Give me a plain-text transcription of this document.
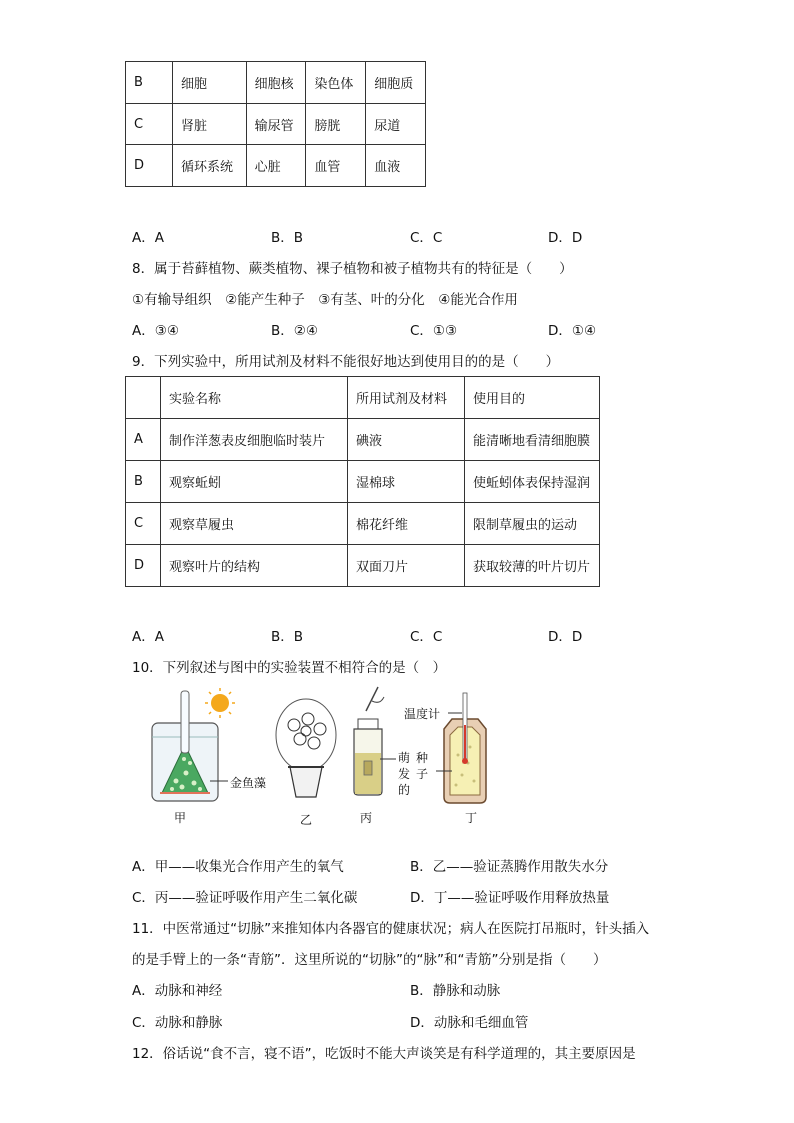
B	细胞	细胞核	染色体	细胞质
C	肾脏	输尿管	膀胱	尿道
D	循环系统	心脏	血管	血液
A．A	B．B	C．C	D．D
8．属于苔藓植物、蕨类植物、裸子植物和被子植物共有的特征是（　　）
①有输导组织　②能产生种子　③有茎、叶的分化　④能光合作用
A．③④	B．②④	C．①③	D．①④
9．下列实验中，所用试剂及材料不能很好地达到使用目的的是（　　）
	实验名称	所用试剂及材料	使用目的
A	制作洋葱表皮细胞临时装片	碘液	能清晰地看清细胞膜
B	观察蚯蚓	湿棉球	使蚯蚓体表保持湿润
C	观察草履虫	棉花纤维	限制草履虫的运动
D	观察叶片的结构	双面刀片	获取较薄的叶片切片
A．A	B．B	C．C	D．D
10．下列叙述与图中的实验装置不相符合的是（　）
金鱼藻
温度计
萌
发
的
种
子
甲	乙	丙	丁
A．甲——收集光合作用产生的氧气	B．乙——验证蒸腾作用散失水分
C．丙——验证呼吸作用产生二氧化碳	D．丁——验证呼吸作用释放热量
11．中医常通过“切脉”来推知体内各器官的健康状况；病人在医院打吊瓶时，针头插入
的是手臂上的一条“青筋”．这里所说的“切脉”的“脉”和“青筋”分别是指（　　）
A．动脉和神经	B．静脉和动脉
C．动脉和静脉	D．动脉和毛细血管
12．俗话说“食不言，寝不语”，吃饭时不能大声谈笑是有科学道理的，其主要原因是
